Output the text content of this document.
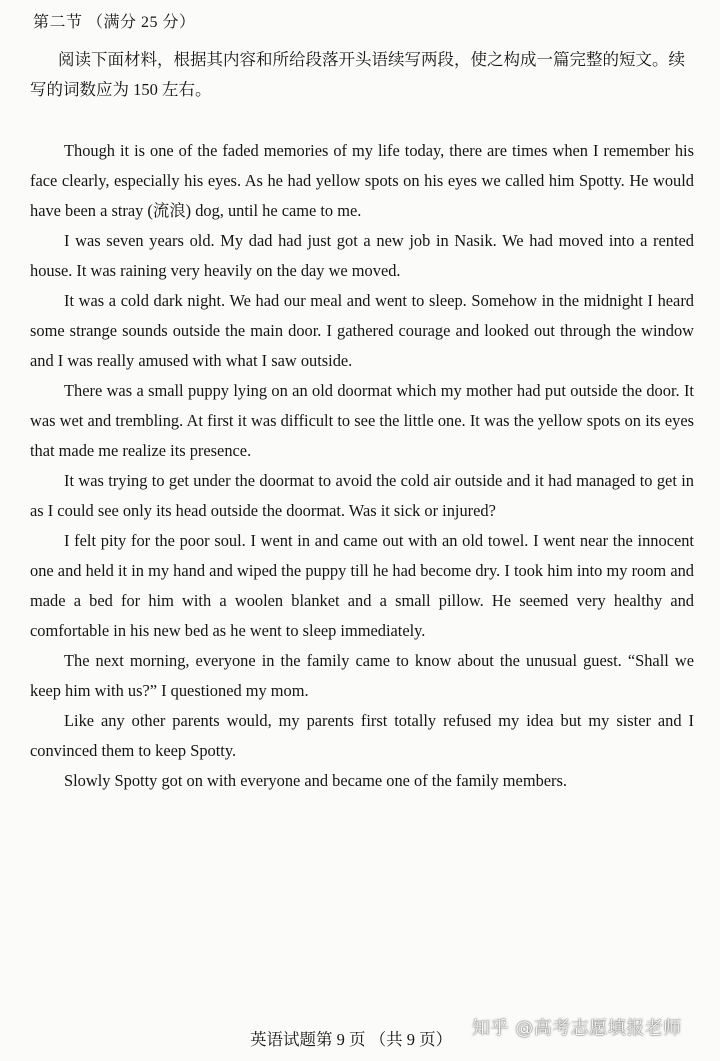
第二节 （满分 25 分）

阅读下面材料，根据其内容和所给段落开头语续写两段，使之构成一篇完整的短文。续写的词数应为 150 左右。

Though it is one of the faded memories of my life today, there are times when I remember his face clearly, especially his eyes. As he had yellow spots on his eyes we called him Spotty. He would have been a stray (流浪) dog, until he came to me.

I was seven years old. My dad had just got a new job in Nasik. We had moved into a rented house. It was raining very heavily on the day we moved.

It was a cold dark night. We had our meal and went to sleep. Somehow in the midnight I heard some strange sounds outside the main door. I gathered courage and looked out through the window and I was really amused with what I saw outside.

There was a small puppy lying on an old doormat which my mother had put outside the door. It was wet and trembling. At first it was difficult to see the little one. It was the yellow spots on its eyes that made me realize its presence.

It was trying to get under the doormat to avoid the cold air outside and it had managed to get in as I could see only its head outside the doormat. Was it sick or injured?

I felt pity for the poor soul. I went in and came out with an old towel. I went near the innocent one and held it in my hand and wiped the puppy till he had become dry. I took him into my room and made a bed for him with a woolen blanket and a small pillow. He seemed very healthy and comfortable in his new bed as he went to sleep immediately.

The next morning, everyone in the family came to know about the unusual guest. “Shall we keep him with us?” I questioned my mom.

Like any other parents would, my parents first totally refused my idea but my sister and I convinced them to keep Spotty.

Slowly Spotty got on with everyone and became one of the family members.

英语试题第 9 页 （共 9 页）
知乎 @高考志愿填报老师
